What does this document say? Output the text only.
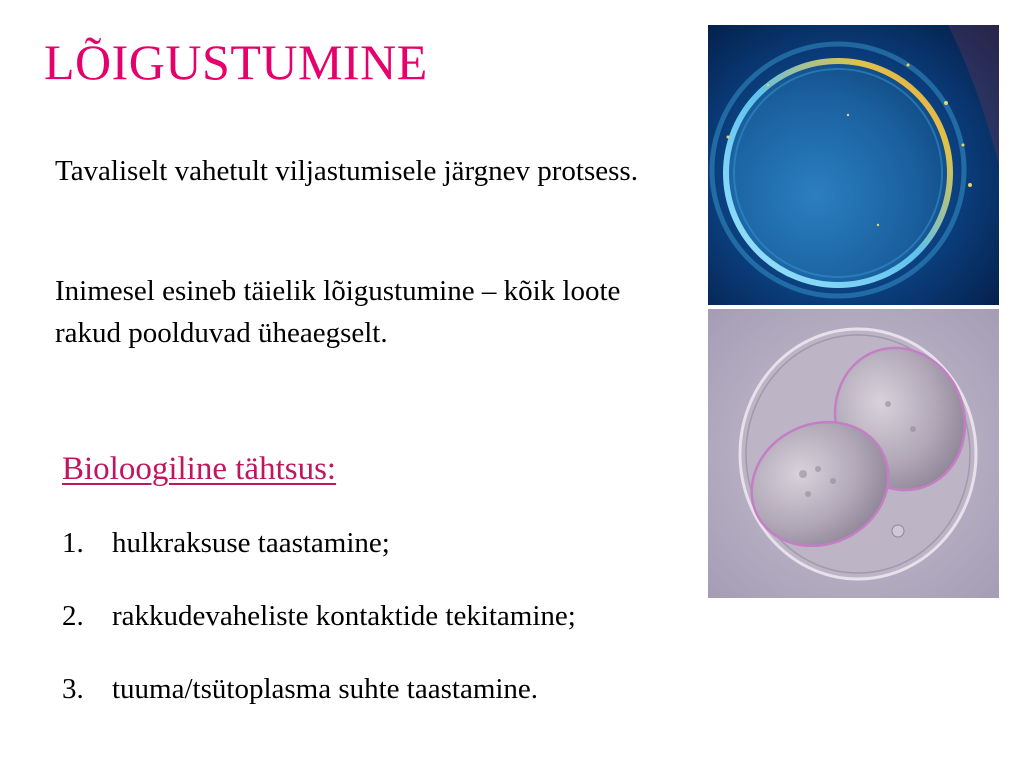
LÕIGUSTUMINE
Tavaliselt vahetult viljastumisele järgnev protsess.
Inimesel esineb täielik lõigustumine – kõik loote rakud poolduvad üheaegselt.
Bioloogiline tähtsus:
1. hulkraksuse taastamine;
2. rakkudevaheliste kontaktide tekitamine;
3. tuuma/tsütoplasma suhte taastamine.
